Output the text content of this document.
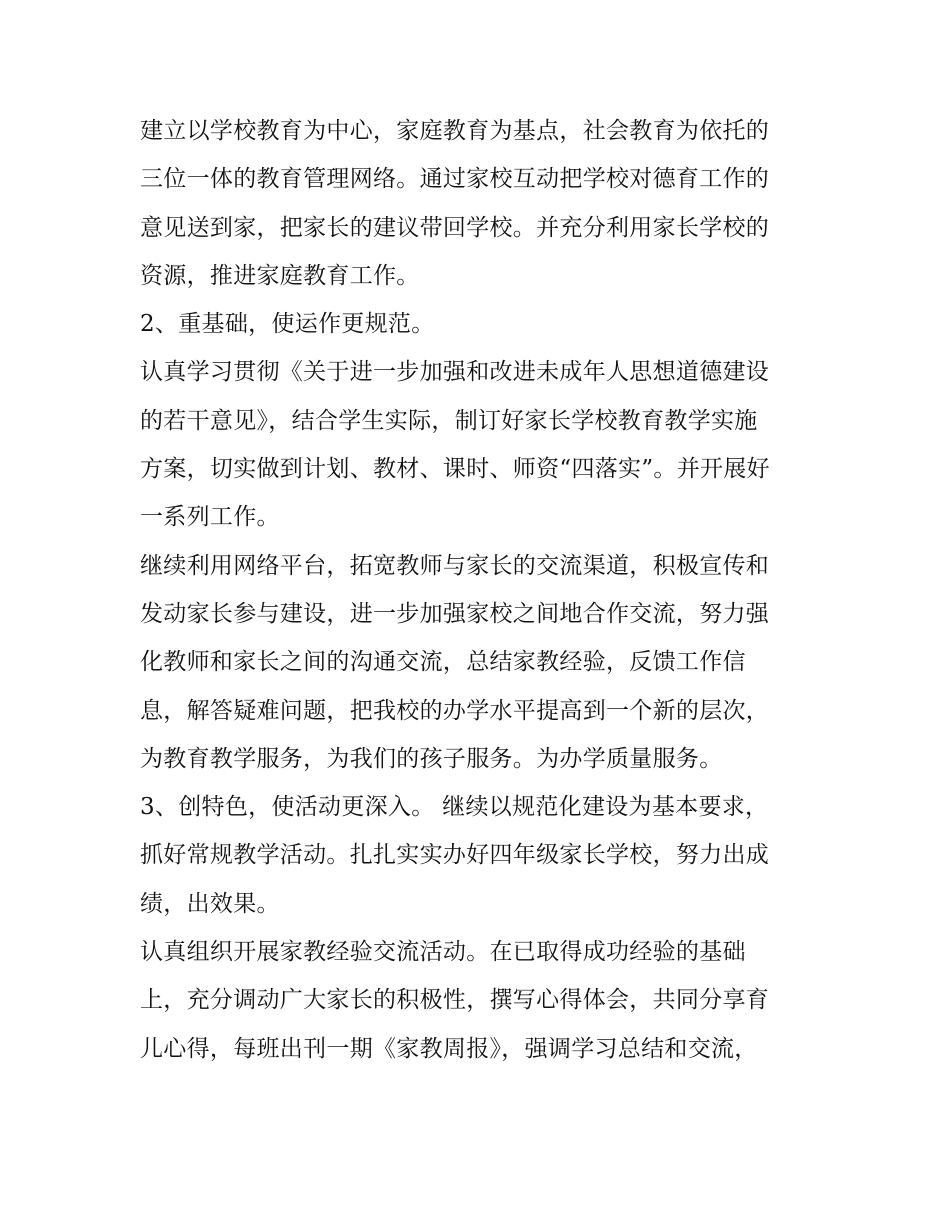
建立以学校教育为中心，家庭教育为基点，社会教育为依托的
三位一体的教育管理网络。通过家校互动把学校对德育工作的
意见送到家，把家长的建议带回学校。并充分利用家长学校的
资源，推进家庭教育工作。
2、重基础，使运作更规范。
认真学习贯彻《关于进一步加强和改进未成年人思想道德建设
的若干意见》，结合学生实际，制订好家长学校教育教学实施
方案，切实做到计划、教材、课时、师资“四落实”。并开展好
一系列工作。
继续利用网络平台，拓宽教师与家长的交流渠道，积极宣传和
发动家长参与建设，进一步加强家校之间地合作交流，努力强
化教师和家长之间的沟通交流，总结家教经验，反馈工作信
息，解答疑难问题，把我校的办学水平提高到一个新的层次，
为教育教学服务，为我们的孩子服务。为办学质量服务。
3、创特色，使活动更深入。 继续以规范化建设为基本要求，
抓好常规教学活动。扎扎实实办好四年级家长学校，努力出成
绩，出效果。
认真组织开展家教经验交流活动。在已取得成功经验的基础
上，充分调动广大家长的积极性，撰写心得体会，共同分享育
儿心得，每班出刊一期《家教周报》，强调学习总结和交流，
